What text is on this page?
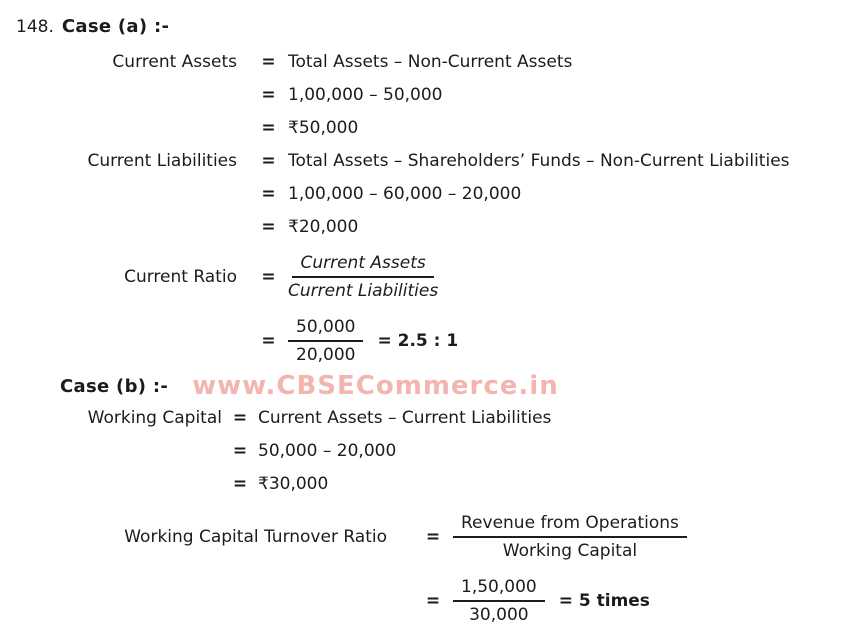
148. Case (a) :-
Current Assets	= Total Assets – Non-Current Assets
= 1,00,000 – 50,000
= ₹50,000
Current Liabilities	= Total Assets – Shareholders’ Funds – Non-Current Liabilities
= 1,00,000 – 60,000 – 20,000
= ₹20,000
Current Ratio	= $\frac{\text{Current Assets}}{\text{Current Liabilities}}$
= $\frac{50,000}{20,000} = 2.5$ : 1
Case (b) :- www.CBSECommerce.in
Working Capital = Current Assets – Current Liabilities
= 50,000 – 20,000
= ₹30,000
Working Capital Turnover Ratio	= $\frac{\text{Revenue from Operations}}{\text{Working Capital}}$
= $\frac{1,50,000}{30,000} = 5$ times
